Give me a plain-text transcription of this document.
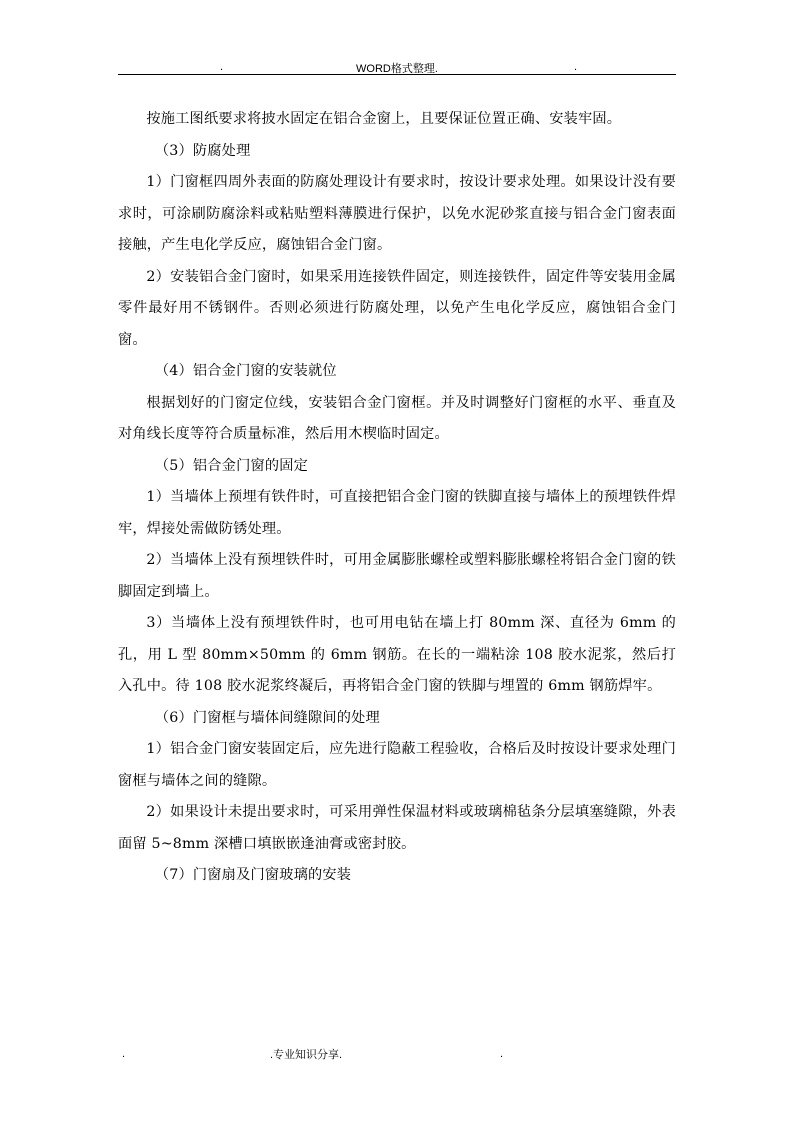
.	WORD格式整理.	.

按施工图纸要求将披水固定在铝合金窗上，且要保证位置正确、安装牢固。

（3）防腐处理

1）门窗框四周外表面的防腐处理设计有要求时，按设计要求处理。如果设计没有要求时，可涂刷防腐涂料或粘贴塑料薄膜进行保护，以免水泥砂浆直接与铝合金门窗表面接触，产生电化学反应，腐蚀铝合金门窗。

2）安装铝合金门窗时，如果采用连接铁件固定，则连接铁件，固定件等安装用金属零件最好用不锈钢件。否则必须进行防腐处理，以免产生电化学反应，腐蚀铝合金门窗。

（4）铝合金门窗的安装就位

根据划好的门窗定位线，安装铝合金门窗框。并及时调整好门窗框的水平、垂直及对角线长度等符合质量标准，然后用木楔临时固定。

（5）铝合金门窗的固定

1）当墙体上预埋有铁件时，可直接把铝合金门窗的铁脚直接与墙体上的预埋铁件焊牢，焊接处需做防锈处理。

2）当墙体上没有预埋铁件时，可用金属膨胀螺栓或塑料膨胀螺栓将铝合金门窗的铁脚固定到墙上。

3）当墙体上没有预埋铁件时，也可用电钻在墙上打 80mm 深、直径为 6mm 的孔，用 L 型 80mm×50mm 的 6mm 钢筋。在长的一端粘涂 108 胶水泥浆，然后打入孔中。待 108 胶水泥浆终凝后，再将铝合金门窗的铁脚与埋置的 6mm 钢筋焊牢。

（6）门窗框与墙体间缝隙间的处理

1）铝合金门窗安装固定后，应先进行隐蔽工程验收，合格后及时按设计要求处理门窗框与墙体之间的缝隙。

2）如果设计未提出要求时，可采用弹性保温材料或玻璃棉毡条分层填塞缝隙，外表面留 5~8mm 深槽口填嵌嵌逢油膏或密封胶。

（7）门窗扇及门窗玻璃的安装

.	.专业知识分享.	.
